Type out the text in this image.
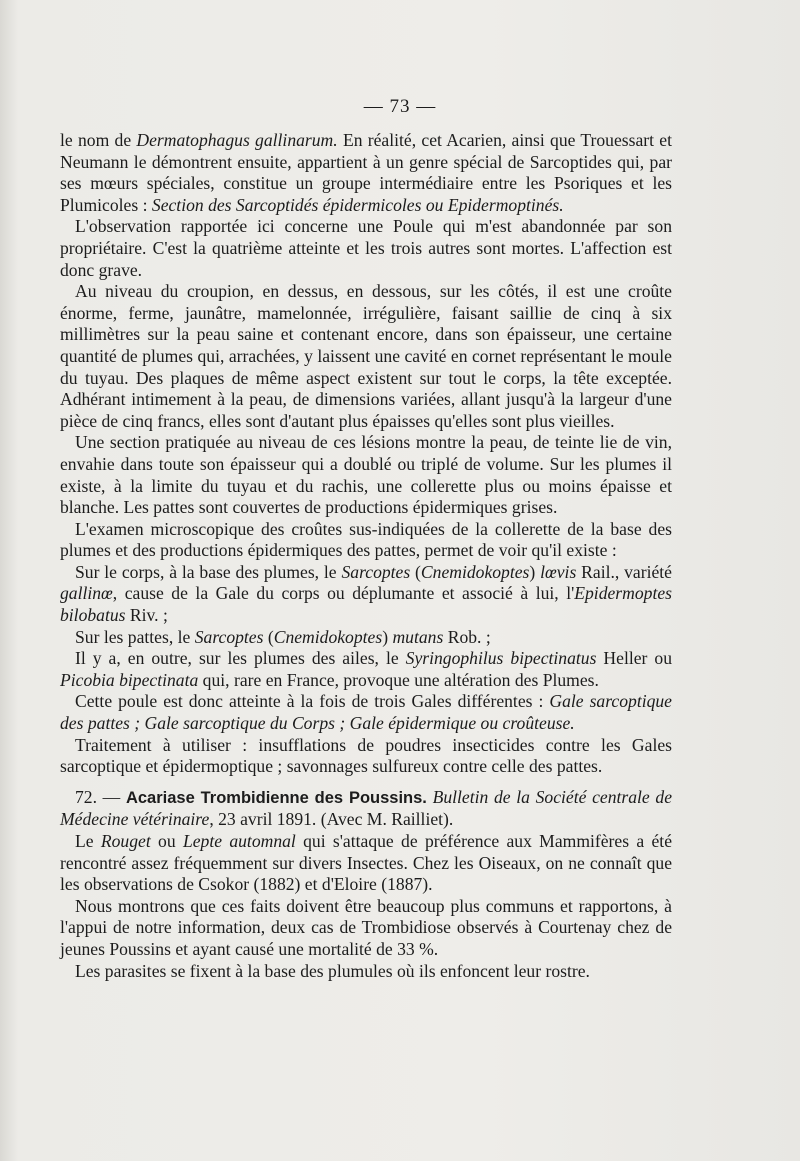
— 73 —

le nom de Dermatophagus gallinarum. En réalité, cet Acarien, ainsi que Trouessart et Neumann le démontrent ensuite, appartient à un genre spécial de Sarcoptides qui, par ses mœurs spéciales, constitue un groupe intermédiaire entre les Psoriques et les Plumicoles : Section des Sarcoptidés épidermicoles ou Epidermoptinés.

L'observation rapportée ici concerne une Poule qui m'est abandonnée par son propriétaire. C'est la quatrième atteinte et les trois autres sont mortes. L'affection est donc grave.

Au niveau du croupion, en dessus, en dessous, sur les côtés, il est une croûte énorme, ferme, jaunâtre, mamelonnée, irrégulière, faisant saillie de cinq à six millimètres sur la peau saine et contenant encore, dans son épaisseur, une certaine quantité de plumes qui, arrachées, y laissent une cavité en cornet représentant le moule du tuyau. Des plaques de même aspect existent sur tout le corps, la tête exceptée. Adhérant intimement à la peau, de dimensions variées, allant jusqu'à la largeur d'une pièce de cinq francs, elles sont d'autant plus épaisses qu'elles sont plus vieilles.

Une section pratiquée au niveau de ces lésions montre la peau, de teinte lie de vin, envahie dans toute son épaisseur qui a doublé ou triplé de volume. Sur les plumes il existe, à la limite du tuyau et du rachis, une collerette plus ou moins épaisse et blanche. Les pattes sont couvertes de productions épidermiques grises.

L'examen microscopique des croûtes sus-indiquées de la collerette de la base des plumes et des productions épidermiques des pattes, permet de voir qu'il existe :

Sur le corps, à la base des plumes, le Sarcoptes (Cnemidokoptes) lœvis Rail., variété gallinœ, cause de la Gale du corps ou déplumante et associé à lui, l'Epidermoptes bilobatus Riv. ;

Sur les pattes, le Sarcoptes (Cnemidokoptes) mutans Rob. ;

Il y a, en outre, sur les plumes des ailes, le Syringophilus bipectinatus Heller ou Picobia bipectinata qui, rare en France, provoque une altération des Plumes.

Cette poule est donc atteinte à la fois de trois Gales différentes : Gale sarcoptique des pattes ; Gale sarcoptique du Corps ; Gale épidermique ou croûteuse.

Traitement à utiliser : insufflations de poudres insecticides contre les Gales sarcoptique et épidermoptique ; savonnages sulfureux contre celle des pattes.

72. — Acariase Trombidienne des Poussins. Bulletin de la Société centrale de Médecine vétérinaire, 23 avril 1891. (Avec M. Railliet).

Le Rouget ou Lepte automnal qui s'attaque de préférence aux Mammifères a été rencontré assez fréquemment sur divers Insectes. Chez les Oiseaux, on ne connaît que les observations de Csokor (1882) et d'Eloire (1887).

Nous montrons que ces faits doivent être beaucoup plus communs et rapportons, à l'appui de notre information, deux cas de Trombidiose observés à Courtenay chez de jeunes Poussins et ayant causé une mortalité de 33 %.

Les parasites se fixent à la base des plumules où ils enfoncent leur rostre.
